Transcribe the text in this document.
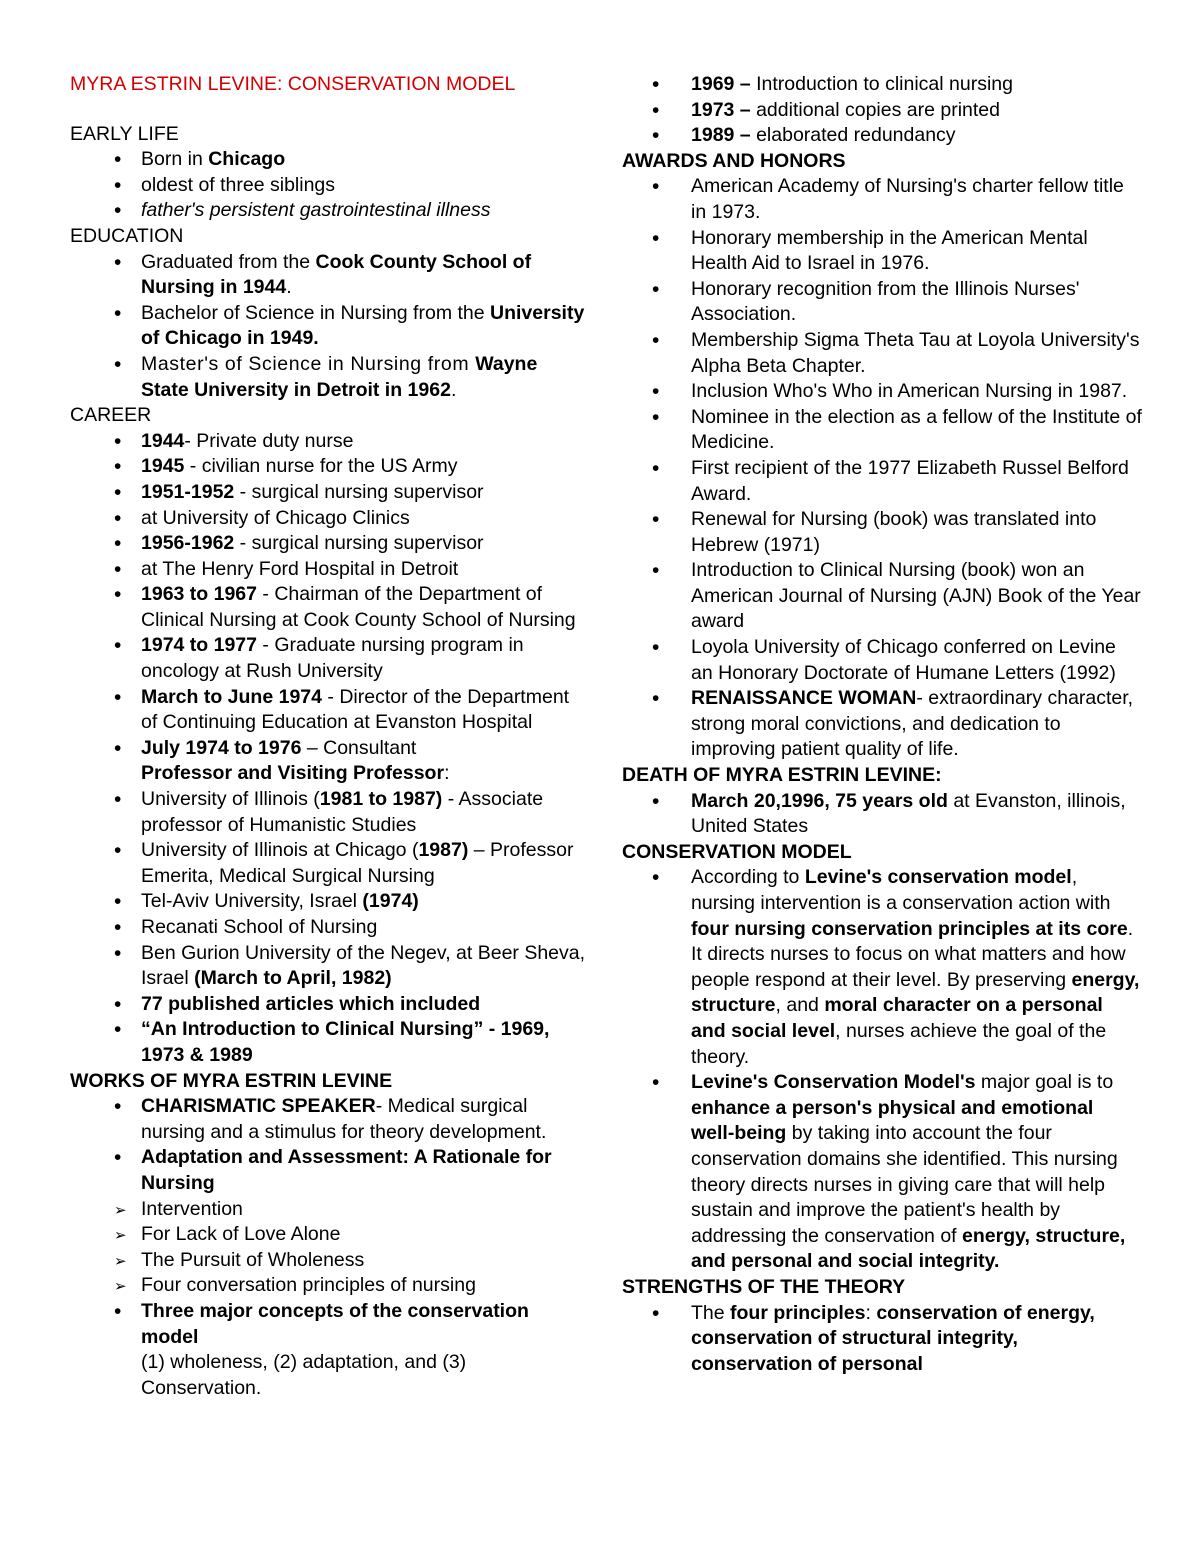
MYRA ESTRIN LEVINE: CONSERVATION MODEL
EARLY LIFE
•
Born in Chicago
•
oldest of three siblings
•
father's persistent gastrointestinal illness
EDUCATION
•
Graduated from the Cook County School of Nursing in 1944.
•
Bachelor of Science in Nursing from the University of Chicago in 1949.
•
Master's of Science in Nursing from Wayne State University in Detroit in 1962.
CAREER
•
1944- Private duty nurse
•
1945 - civilian nurse for the US Army
•
1951-1952 - surgical nursing supervisor
•
at University of Chicago Clinics
•
1956-1962 - surgical nursing supervisor
•
at The Henry Ford Hospital in Detroit
•
1963 to 1967 - Chairman of the Department of Clinical Nursing at Cook County School of Nursing
•
1974 to 1977 - Graduate nursing program in oncology at Rush University
•
March to June 1974 - Director of the Department of Continuing Education at Evanston Hospital
•
July 1974 to 1976 – Consultant
Professor and Visiting Professor:
•
University of Illinois (1981 to 1987) - Associate professor of Humanistic Studies
•
University of Illinois at Chicago (1987) – Professor Emerita, Medical Surgical Nursing
•
Tel-Aviv University, Israel (1974)
•
Recanati School of Nursing
•
Ben Gurion University of the Negev, at Beer Sheva, Israel (March to April, 1982)
•
77 published articles which included
•
“An Introduction to Clinical Nursing” - 1969, 1973 & 1989
WORKS OF MYRA ESTRIN LEVINE
•
CHARISMATIC SPEAKER- Medical surgical nursing and a stimulus for theory development.
•
Adaptation and Assessment: A Rationale for Nursing
➢
Intervention
➢
For Lack of Love Alone
➢
The Pursuit of Wholeness
➢
Four conversation principles of nursing
•
Three major concepts of the conservation model
(1) wholeness, (2) adaptation, and (3) Conservation.
•
1969 – Introduction to clinical nursing
•
1973 – additional copies are printed
•
1989 – elaborated redundancy
AWARDS AND HONORS
•
American Academy of Nursing's charter fellow title in 1973.
•
Honorary membership in the American Mental Health Aid to Israel in 1976.
•
Honorary recognition from the Illinois Nurses' Association.
•
Membership Sigma Theta Tau at Loyola University's Alpha Beta Chapter.
•
Inclusion Who's Who in American Nursing in 1987.
•
Nominee in the election as a fellow of the Institute of Medicine.
•
First recipient of the 1977 Elizabeth Russel Belford Award.
•
Renewal for Nursing (book) was translated into Hebrew (1971)
•
Introduction to Clinical Nursing (book) won an American Journal of Nursing (AJN) Book of the Year award
•
Loyola University of Chicago conferred on Levine an Honorary Doctorate of Humane Letters (1992)
•
RENAISSANCE WOMAN- extraordinary character, strong moral convictions, and dedication to improving patient quality of life.
DEATH OF MYRA ESTRIN LEVINE:
•
March 20,1996, 75 years old at Evanston, illinois, United States
CONSERVATION MODEL
•
According to Levine's conservation model, nursing intervention is a conservation action with four nursing conservation principles at its core. It directs nurses to focus on what matters and how people respond at their level. By preserving energy, structure, and moral character on a personal and social level, nurses achieve the goal of the theory.
•
Levine's Conservation Model's major goal is to enhance a person's physical and emotional well-being by taking into account the four conservation domains she identified. This nursing theory directs nurses in giving care that will help sustain and improve the patient's health by addressing the conservation of energy, structure, and personal and social integrity.
STRENGTHS OF THE THEORY
•
The four principles: conservation of energy, conservation of structural integrity, conservation of personal
